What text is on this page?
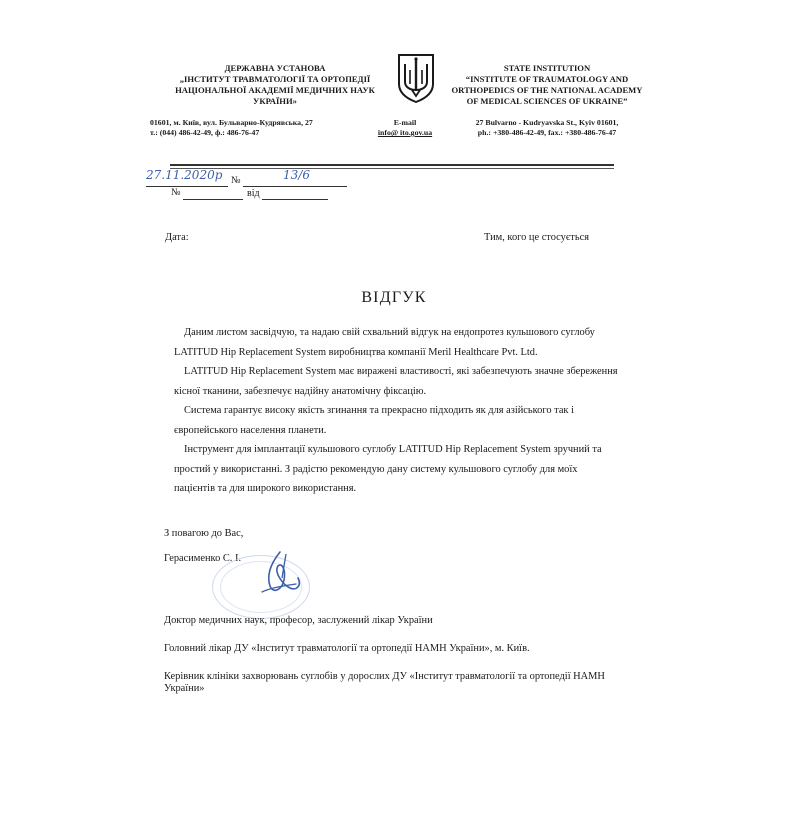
ДЕРЖАВНА УСТАНОВА
„ІНСТИТУТ ТРАВМАТОЛОГІЇ ТА ОРТОПЕДІЇ
НАЦІОНАЛЬНОЇ АКАДЕМІЇ МЕДИЧНИХ НАУК
УКРАЇНИ»
STATE INSTITUTION
“INSTITUTE OF TRAUMATOLOGY AND
ORTHOPEDICS OF THE NATIONAL ACADEMY
OF MEDICAL SCIENCES OF UKRAINE”
01601, м. Київ, вул. Бульварно-Кудрявська, 27
т.: (044) 486-42-49, ф.: 486-76-47
E-mail
info@ ito.gov.ua
27 Bulvarno - Kudryavska St., Kyiv 01601,
ph.: +380-486-42-49, fax.: +380-486-76-47
27.11.2020р №	13/6
№	від
Дата:	Тим, кого це стосується
ВІДГУК
Даним листом засвідчую, та надаю свій схвальний відгук на ендопротез кульшового суглобу
LATITUD Hip Replacement System виробництва компанії Meril Healthcare Pvt. Ltd.
LATITUD Hip Replacement System має виражені властивості, які забезпечують значне збереження
кісної тканини, забезпечує надійну анатомічну фіксацію.
Система гарантує високу якість згинання та прекрасно підходить як для азійського так і
європейського населення планети.
Інструмент для імплантації кульшового суглобу LATITUD Hip Replacement System зручний та
простий у використанні. З радістю рекомендую дану систему кульшового суглобу для моїх
пацієнтів та для широкого використання.
З повагою до Вас,
Герасименко С. І.
Доктор медичних наук, професор, заслужений лікар України
Головний лікар ДУ «Інститут травматології та ортопедії НАМН України», м. Київ.
Керівник клініки захворювань суглобів у дорослих ДУ «Інститут травматології та ортопедії НАМН
України»
